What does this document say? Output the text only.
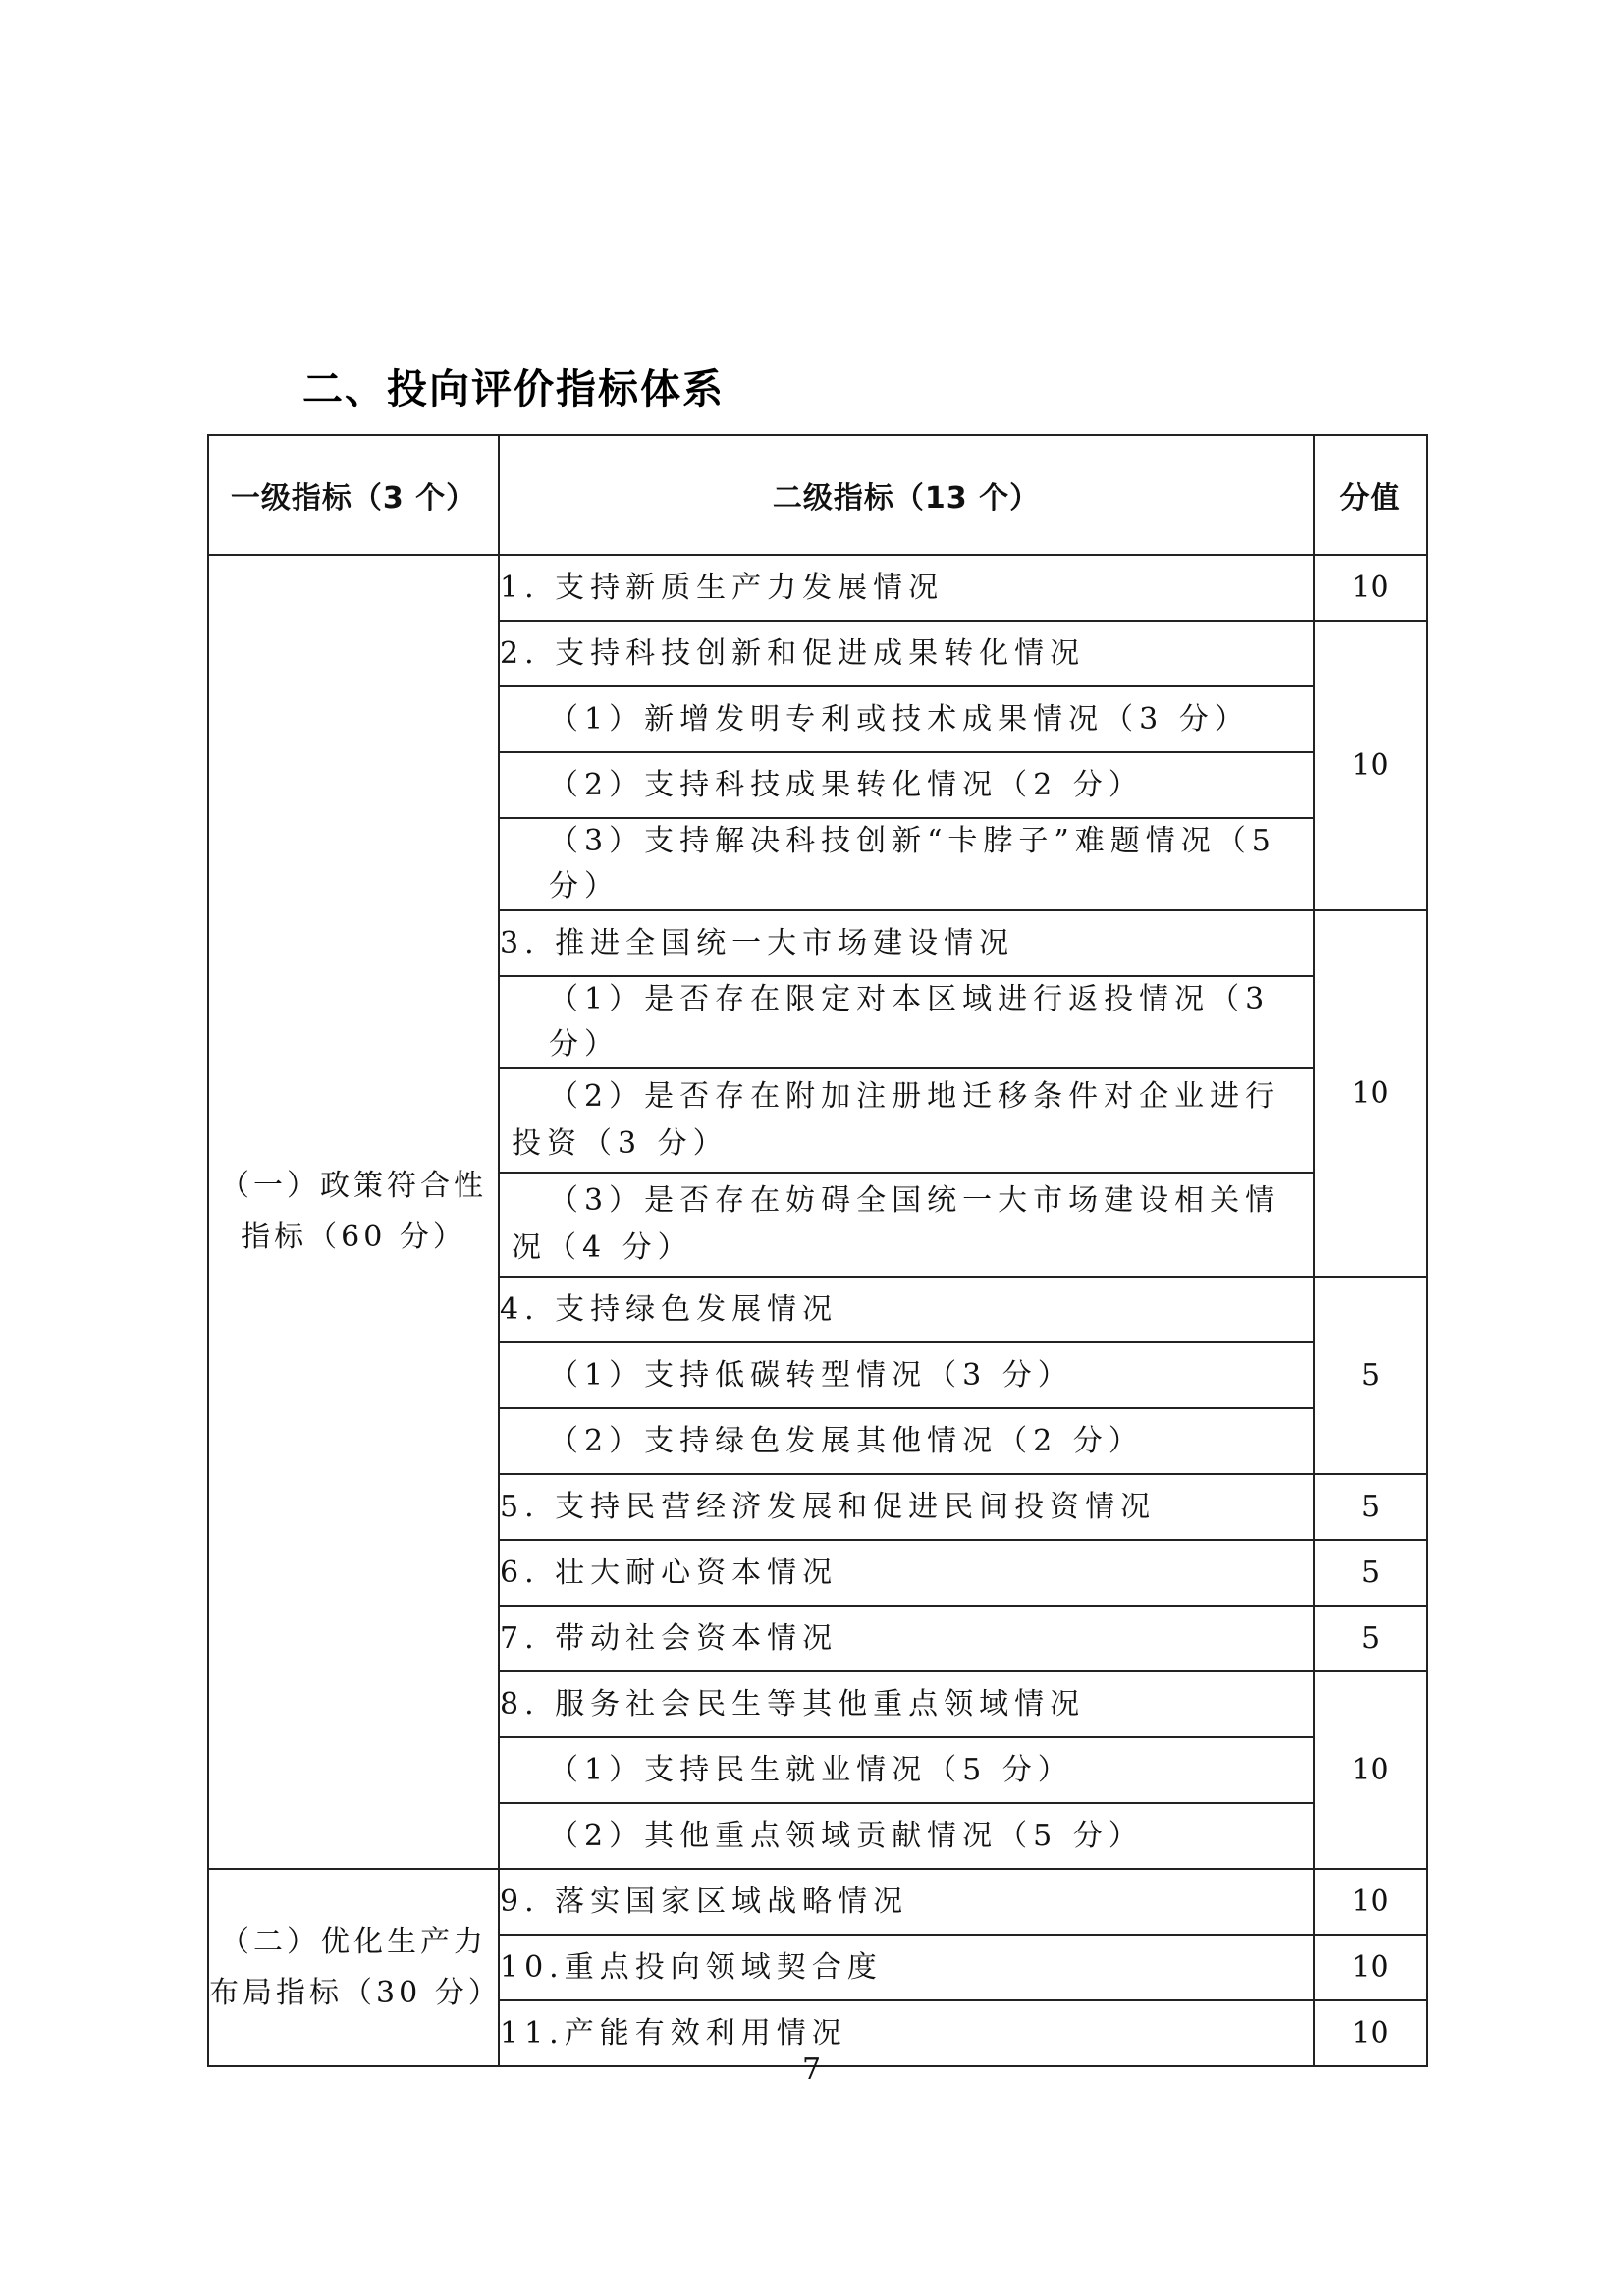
二、投向评价指标体系
一级指标（3 个）	二级指标（13 个）	分值
（一）政策符合性指标（60 分）	1. 支持新质生产力发展情况	10
	2. 支持科技创新和促进成果转化情况	10
	（1）新增发明专利或技术成果情况（3 分）	
	（2）支持科技成果转化情况（2 分）	
	（3）支持解决科技创新“卡脖子”难题情况（5 分）	
	3. 推进全国统一大市场建设情况	10
	（1）是否存在限定对本区域进行返投情况（3 分）	
	（2）是否存在附加注册地迁移条件对企业进行投资（3 分）	
	（3）是否存在妨碍全国统一大市场建设相关情况（4 分）	
	4. 支持绿色发展情况	5
	（1）支持低碳转型情况（3 分）	
	（2）支持绿色发展其他情况（2 分）	
	5. 支持民营经济发展和促进民间投资情况	5
	6. 壮大耐心资本情况	5
	7. 带动社会资本情况	5
	8. 服务社会民生等其他重点领域情况	10
	（1）支持民生就业情况（5 分）	
	（2）其他重点领域贡献情况（5 分）	
（二）优化生产力布局指标（30 分）	9. 落实国家区域战略情况	10
	10.重点投向领域契合度	10
	11.产能有效利用情况	10
7
